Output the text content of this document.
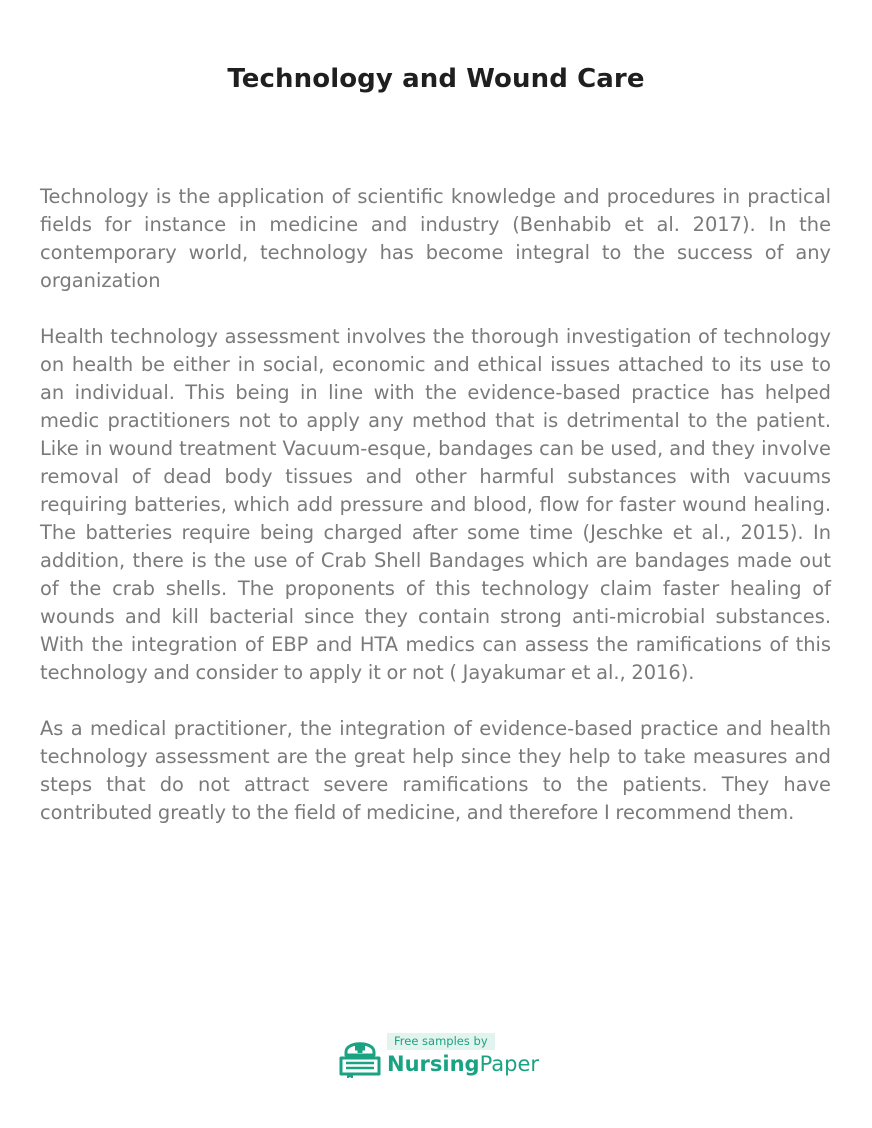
Technology and Wound Care

Technology is the application of scientific knowledge and procedures in practical fields for instance in medicine and industry (Benhabib et al. 2017). In the contemporary world, technology has become integral to the success of any organization

Health technology assessment involves the thorough investigation of technology on health be either in social, economic and ethical issues attached to its use to an individual. This being in line with the evidence-based practice has helped medic practitioners not to apply any method that is detrimental to the patient. Like in wound treatment Vacuum-esque, bandages can be used, and they involve removal of dead body tissues and other harmful substances with vacuums requiring batteries, which add pressure and blood, flow for faster wound healing. The batteries require being charged after some time (Jeschke et al., 2015). In addition, there is the use of Crab Shell Bandages which are bandages made out of the crab shells. The proponents of this technology claim faster healing of wounds and kill bacterial since they contain strong anti-microbial substances. With the integration of EBP and HTA medics can assess the ramifications of this technology and consider to apply it or not ( Jayakumar et al., 2016).

As a medical practitioner, the integration of evidence-based practice and health technology assessment are the great help since they help to take measures and steps that do not attract severe ramifications to the patients. They have contributed greatly to the field of medicine, and therefore I recommend them.

Free samples by
NursingPaper
